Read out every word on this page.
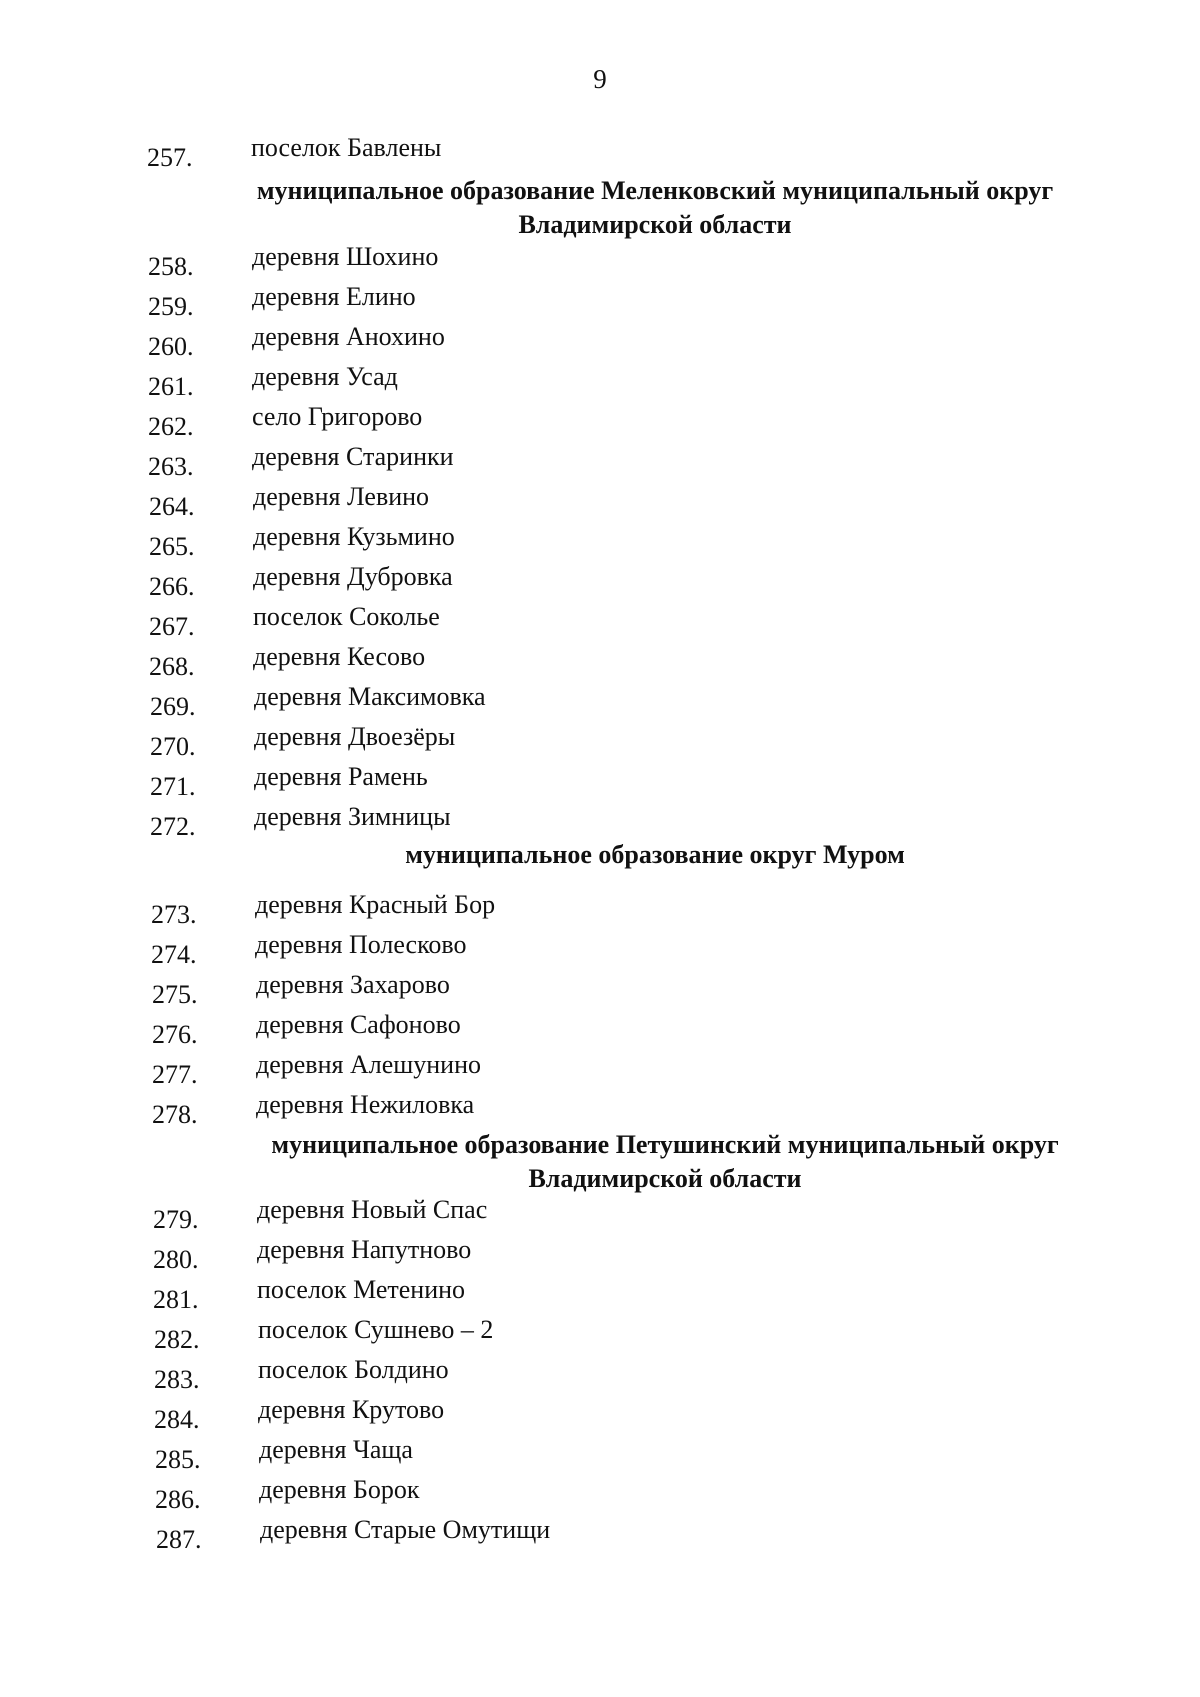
9
257. поселок Бавлены
муниципальное образование Меленковский муниципальный округ
Владимирской области
258. деревня Шохино
259. деревня Елино
260. деревня Анохино
261. деревня Усад
262. село Григорово
263. деревня Старинки
264. деревня Левино
265. деревня Кузьмино
266. деревня Дубровка
267. поселок Соколье
268. деревня Кесово
269. деревня Максимовка
270. деревня Двоезёры
271. деревня Рамень
272. деревня Зимницы
муниципальное образование округ Муром
273. деревня Красный Бор
274. деревня Полесково
275. деревня Захарово
276. деревня Сафоново
277. деревня Алешунино
278. деревня Нежиловка
муниципальное образование Петушинский муниципальный округ
Владимирской области
279. деревня Новый Спас
280. деревня Напутново
281. поселок Метенино
282. поселок Сушнево – 2
283. поселок Болдино
284. деревня Крутово
285. деревня Чаща
286. деревня Борок
287. деревня Старые Омутищи
